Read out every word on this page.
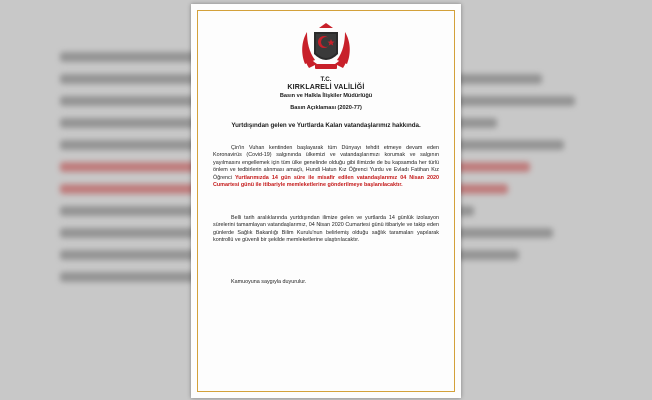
T.C.
KIRKLARELİ VALİLİĞİ
Basın ve Halkla İlişkiler Müdürlüğü
Basın Açıklaması (2020-77)
Yurtdışından gelen ve Yurtlarda Kalan vatandaşlarımız hakkında.
Çin'in Vuhan kentinden başlayarak tüm Dünyayı tehdit etmeye devam eden Koronavirüs (Covid-19) salgınında ülkemizi ve vatandaşlarımızı korumak ve salgının yayılmasını engellemek için tüm ülke genelinde olduğu gibi ilimizde de bu kapsamda her türlü önlem ve tedbirlerin alınması amaçlı, Hundi Hatun Kız Öğrenci Yurdu ve Evladı Fatihan Kız Öğrenci Yurtlarımızda 14 gün süre ile misafir edilen vatandaşlarımız 04 Nisan 2020 Cumartesi günü ile itibariyle memleketlerine gönderilmeye başlanılacaktır.
Belli tarih aralıklarında yurtdışından ilimize gelen ve yurtlarda 14 günlük izolasyon sürelerini tamamlayan vatandaşlarımız, 04 Nisan 2020 Cumartesi günü itibariyle ve takip eden günlerde Sağlık Bakanlığı Bilim Kurulu'nun belirlemiş olduğu sağlık taramaları yapılarak kontrollü ve güvenli bir şekilde memleketlerine ulaştırılacaktır.
Kamuoyuna saygıyla duyurulur.
